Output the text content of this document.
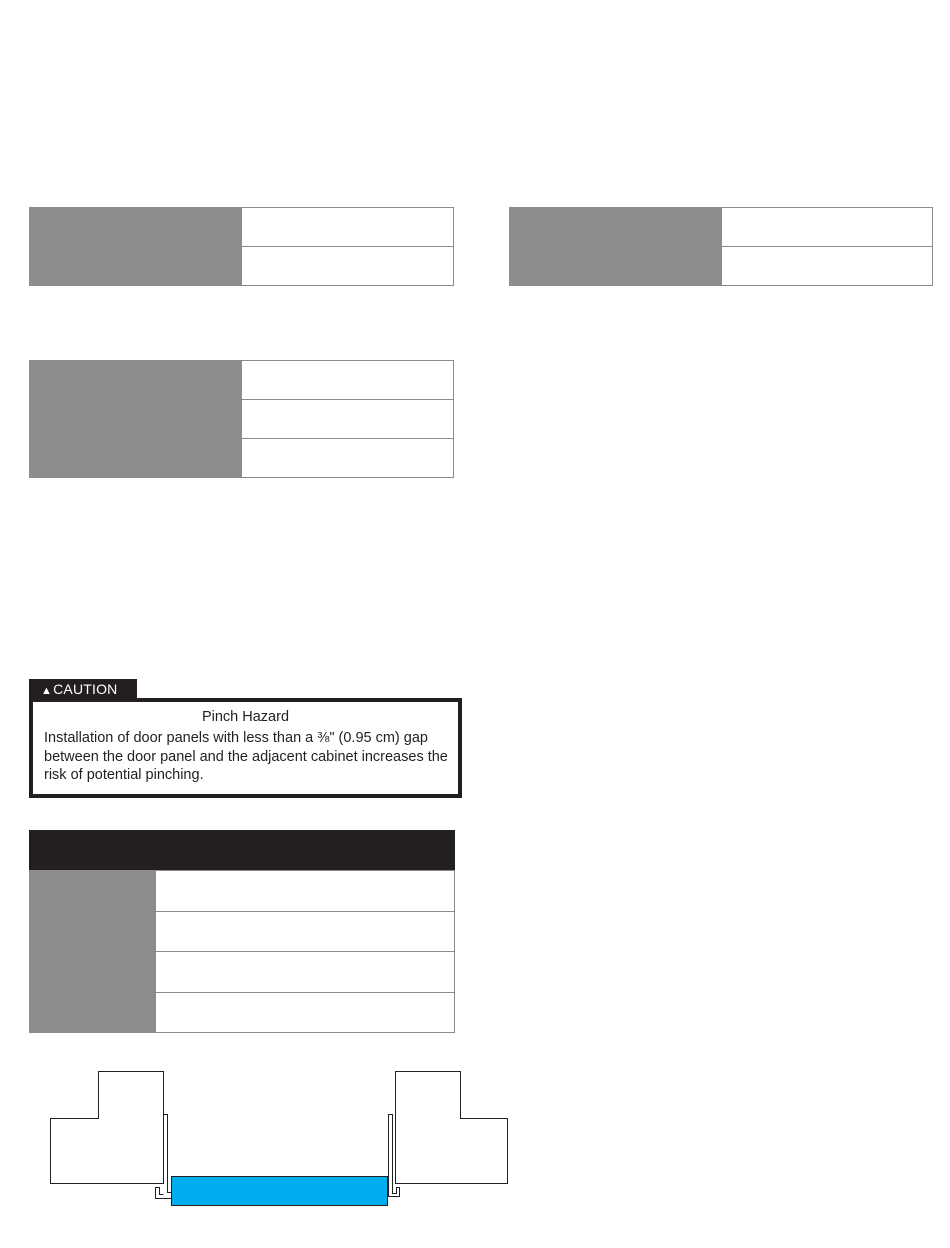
▲CAUTION
Pinch Hazard
Installation of door panels with less than a ⅜" (0.95 cm) gap between the door panel and the adjacent cabinet increases the risk of potential pinching.
